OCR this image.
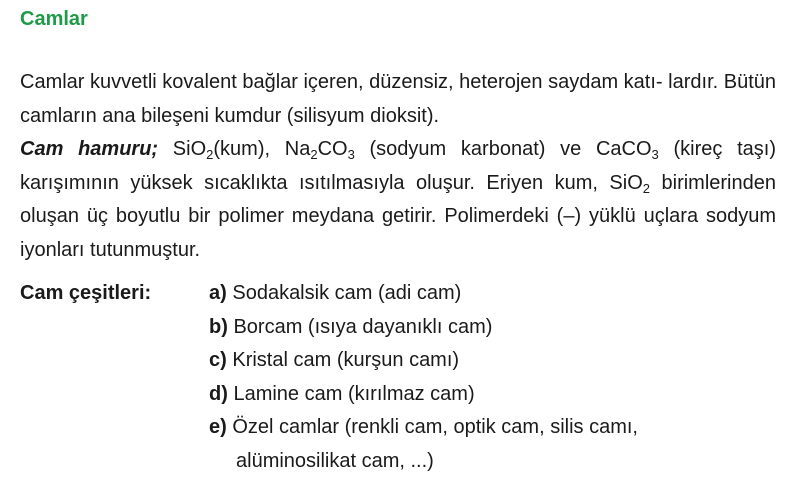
Camlar
Camlar kuvvetli kovalent bağlar içeren, düzensiz, heterojen saydam katı- lardır. Bütün camların ana bileşeni kumdur (silisyum dioksit).
Cam hamuru; SiO$_2$(kum), $Na_2CO_3$ (sodyum karbonat) ve CaCO$_3$ (kireç taşı) karışımının yüksek sıcaklıkta ısıtılmasıyla oluşur. Eriyen kum, SiO$_2$ birimlerinden oluşan üç boyutlu bir polimer meydana getirir. Polimerdeki (–) yüklü uçlara sodyum iyonları tutunmuştur.
Cam çeşitleri:	a) Sodakalsik cam (adi cam)
b) Borcam (ısıya dayanıklı cam)
c) Kristal cam (kurşun camı)
d) Lamine cam (kırılmaz cam)
e) Özel camlar (renkli cam, optik cam, silis camı,
alüminosilikat cam, ...)
